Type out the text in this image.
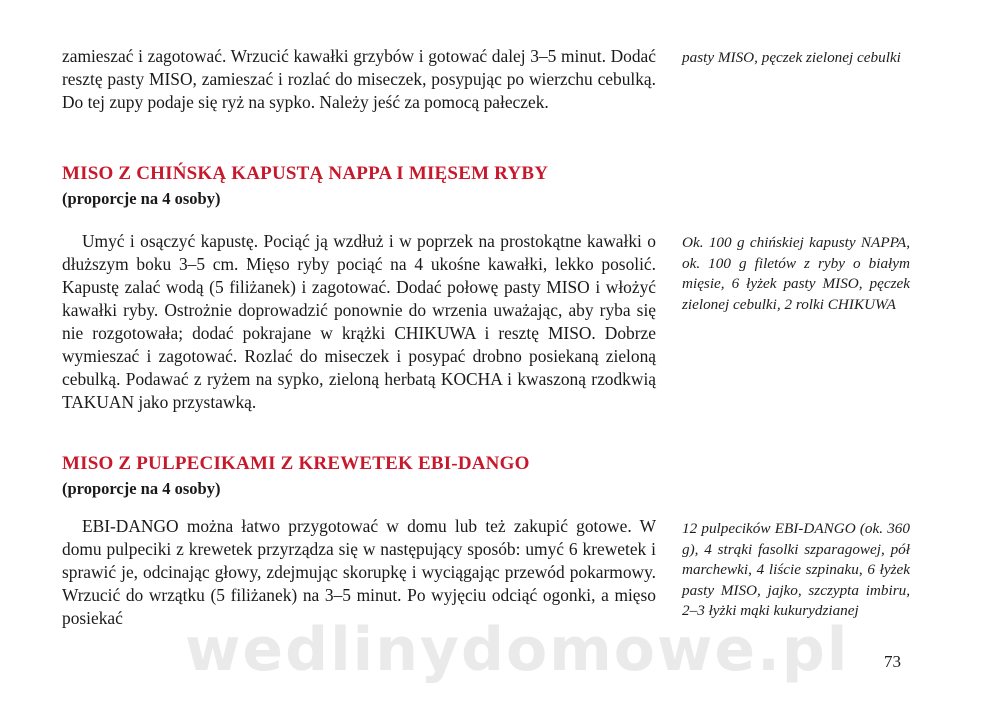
zamieszać i zagotować. Wrzucić kawałki grzybów i gotować dalej 3–5 minut. Dodać resztę pasty MISO, zamieszać i rozlać do miseczek, posypując po wierzchu cebulką. Do tej zupy podaje się ryż na sypko. Należy jeść za pomocą pałeczek.

pasty MISO, pęczek zielonej cebulki
MISO Z CHIŃSKĄ KAPUSTĄ NAPPA I MIĘSEM RYBY
(proporcje na 4 osoby)

Umyć i osączyć kapustę. Pociąć ją wzdłuż i w poprzek na prostokątne kawałki o dłuższym boku 3–5 cm. Mięso ryby pociąć na 4 ukośne kawałki, lekko posolić. Kapustę zalać wodą (5 filiżanek) i zagotować. Dodać połowę pasty MISO i włożyć kawałki ryby. Ostrożnie doprowadzić ponownie do wrzenia uważając, aby ryba się nie rozgotowała; dodać pokrajane w krążki CHIKUWA i resztę MISO. Dobrze wymieszać i zagotować. Rozlać do miseczek i posypać drobno posiekaną zieloną cebulką. Podawać z ryżem na sypko, zieloną herbatą KOCHA i kwaszoną rzodkwią TAKUAN jako przystawką.

Ok. 100 g chińskiej kapusty NAPPA, ok. 100 g filetów z ryby o białym mięsie, 6 łyżek pasty MISO, pęczek zielonej cebulki, 2 rolki CHIKUWA
MISO Z PULPECIKAMI Z KREWETEK EBI-DANGO
(proporcje na 4 osoby)

EBI-DANGO można łatwo przygotować w domu lub też zakupić gotowe. W domu pulpeciki z krewetek przyrządza się w następujący sposób: umyć 6 krewetek i sprawić je, odcinając głowy, zdejmując skorupkę i wyciągając przewód pokarmowy. Wrzucić do wrzątku (5 filiżanek) na 3–5 minut. Po wyjęciu odciąć ogonki, a mięso posiekać

12 pulpecików EBI-DANGO (ok. 360 g), 4 strąki fasolki szparagowej, pół marchewki, 4 liście szpinaku, 6 łyżek pasty MISO, jajko, szczypta imbiru, 2–3 łyżki mąki kukurydzianej
wedlinydomowe.pl 73
